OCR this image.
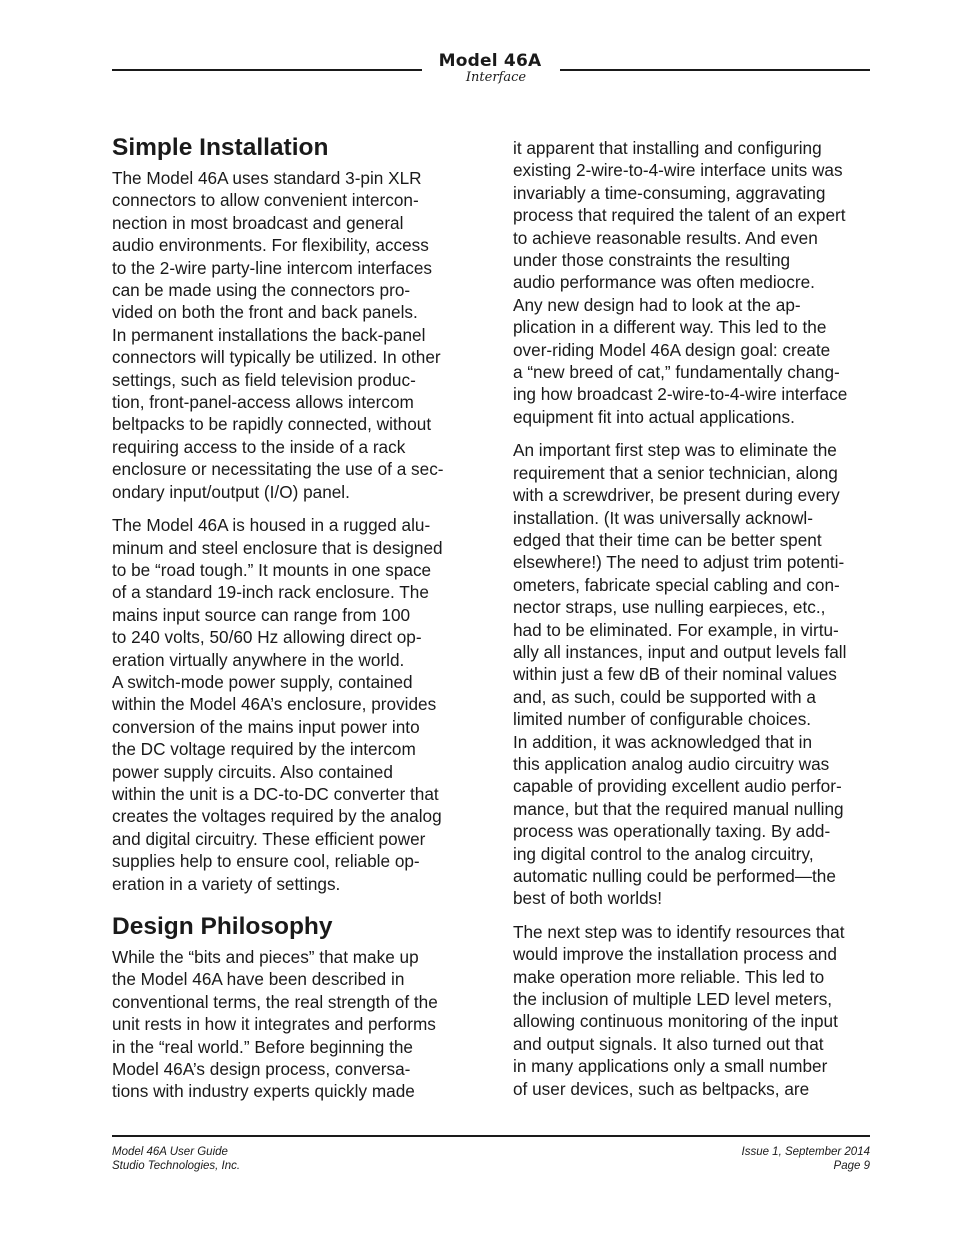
Model 46A
Interface
Simple Installation

The Model 46A uses standard 3-pin XLR
connectors to allow convenient intercon-
nection in most broadcast and general
audio environments. For flexibility, access
to the 2-wire party-line intercom interfaces
can be made using the connectors pro-
vided on both the front and back panels.
In permanent installations the back-panel
connectors will typically be utilized. In other
settings, such as field television produc-
tion, front-panel-access allows intercom
beltpacks to be rapidly connected, without
requiring access to the inside of a rack
enclosure or necessitating the use of a sec-
ondary input/output (I/O) panel.

The Model 46A is housed in a rugged alu-
minum and steel enclosure that is designed
to be “road tough.” It mounts in one space
of a standard 19-inch rack enclosure. The
mains input source can range from 100
to 240 volts, 50/60 Hz allowing direct op-
eration virtually anywhere in the world.
A switch-mode power supply, contained
within the Model 46A’s enclosure, provides
conversion of the mains input power into
the DC voltage required by the intercom
power supply circuits. Also contained
within the unit is a DC-to-DC converter that
creates the voltages required by the analog
and digital circuitry. These efficient power
supplies help to ensure cool, reliable op-
eration in a variety of settings.

Design Philosophy

While the “bits and pieces” that make up
the Model 46A have been described in
conventional terms, the real strength of the
unit rests in how it integrates and performs
in the “real world.” Before beginning the
Model 46A’s design process, conversa-
tions with industry experts quickly made

it apparent that installing and configuring
existing 2-wire-to-4-wire interface units was
invariably a time-consuming, aggravating
process that required the talent of an expert
to achieve reasonable results. And even
under those constraints the resulting
audio performance was often mediocre.
Any new design had to look at the ap-
plication in a different way. This led to the
over-riding Model 46A design goal: create
a “new breed of cat,” fundamentally chang-
ing how broadcast 2-wire-to-4-wire interface
equipment fit into actual applications.

An important first step was to eliminate the
requirement that a senior technician, along
with a screwdriver, be present during every
installation. (It was universally acknowl-
edged that their time can be better spent
elsewhere!) The need to adjust trim potenti-
ometers, fabricate special cabling and con-
nector straps, use nulling earpieces, etc.,
had to be eliminated. For example, in virtu-
ally all instances, input and output levels fall
within just a few dB of their nominal values
and, as such, could be supported with a
limited number of configurable choices.
In addition, it was acknowledged that in
this application analog audio circuitry was
capable of providing excellent audio perfor-
mance, but that the required manual nulling
process was operationally taxing. By add-
ing digital control to the analog circuitry,
automatic nulling could be performed—the
best of both worlds!

The next step was to identify resources that
would improve the installation process and
make operation more reliable. This led to
the inclusion of multiple LED level meters,
allowing continuous monitoring of the input
and output signals. It also turned out that
in many applications only a small number
of user devices, such as beltpacks, are

Model 46A User Guide
Studio Technologies, Inc.
Issue 1, September 2014
Page 9
